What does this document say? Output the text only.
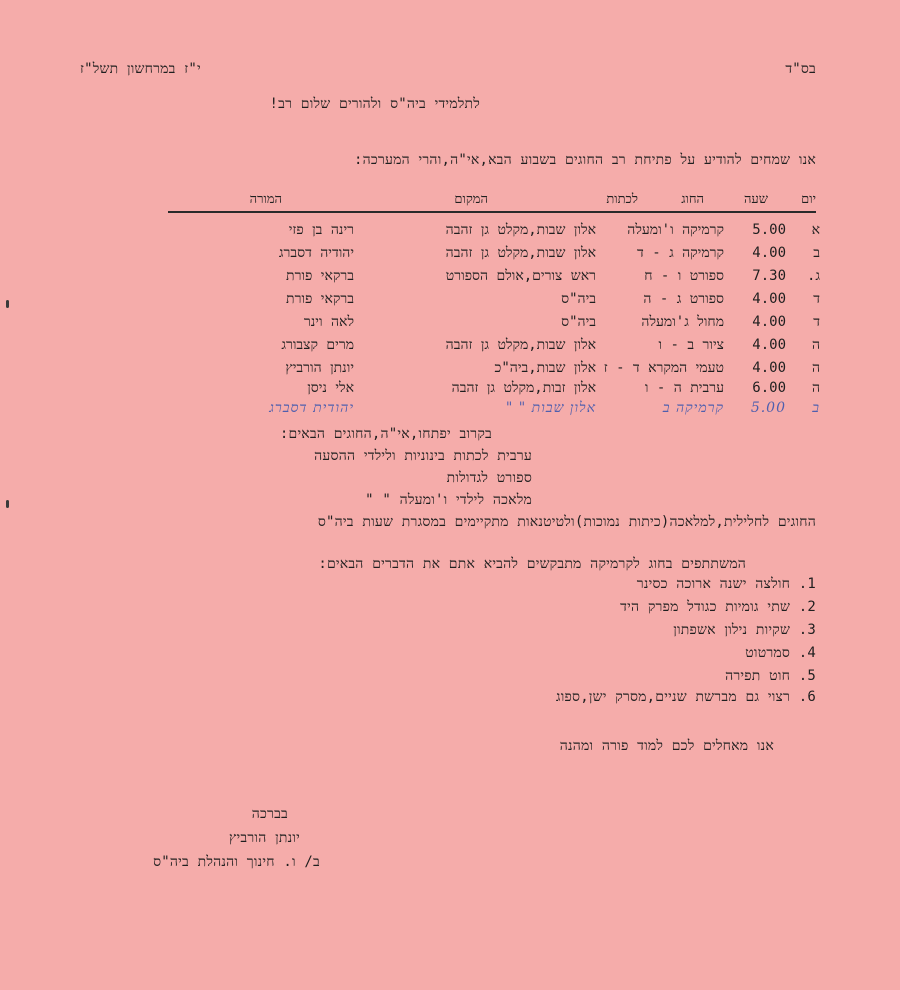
בס"ד
י"ז במרחשון תשל"ז
לתלמידי ביה"ס ולהורים שלום רב!
אנו שמחים להודיע על פתיחת רב החוגים בשבוע הבא,אי"ה,והרי המערכה:
יום
שעה
החוג
לכתות
המקום
המורה
א
5.00
קרמיקה ו'ומעלה
אלון שבות,מקלט גן זהבה
רינה בן פזי
ב
4.00
קרמיקה ג - ד
אלון שבות,מקלט גן זהבה
יהודיה דסברג
ג.
7.30
ספורט ו - ח
ראש צורים,אולם הספורט
ברקאי פורת
ד
4.00
ספורט ג - ה
ביה"ס
ברקאי פורת
ד
4.00
מחול ג'ומעלה
ביה"ס
לאה וינר
ה
4.00
ציור ב - ו
אלון שבות,מקלט גן זהבה
מרים קצבורג
ה
4.00
טעמי המקרא ד - ז
אלון שבות,ביה"כ
יונתן הורביץ
ה
6.00
ערבית ה - ו
אלון זבות,מקלט גן זהבה
אלי ניסן
ב
5.00
קרמיקה ב
אלון שבות " "
יהודית דסברג
בקרוב יפתחו,אי"ה,החוגים הבאים:
ערבית לכתות בינוניות ולילדי ההסעה
ספורט לגדולות
מלאכה לילדי ו'ומעלה " "
החוגים לחלילית,למלאכה(כיתות נמוכות)ולטיטנאות מתקיימים במסגרת שעות ביה"ס
המשתתפים בחוג לקרמיקה מתבקשים להביא אתם את הדברים הבאים:
1. חולצה ישנה ארוכה כסינר
2. שתי גומיות כגודל מפרק היד
3. שקיות נילון אשפתון
4. סמרטוט
5. חוט תפירה
6. רצוי גם מברשת שניים,מסרק ישן,ספוג
אנו מאחלים לכם למוד פורה ומהנה
בברכה
יונתן הורביץ
ב/ ו. חינוך והנהלת ביה"ס
